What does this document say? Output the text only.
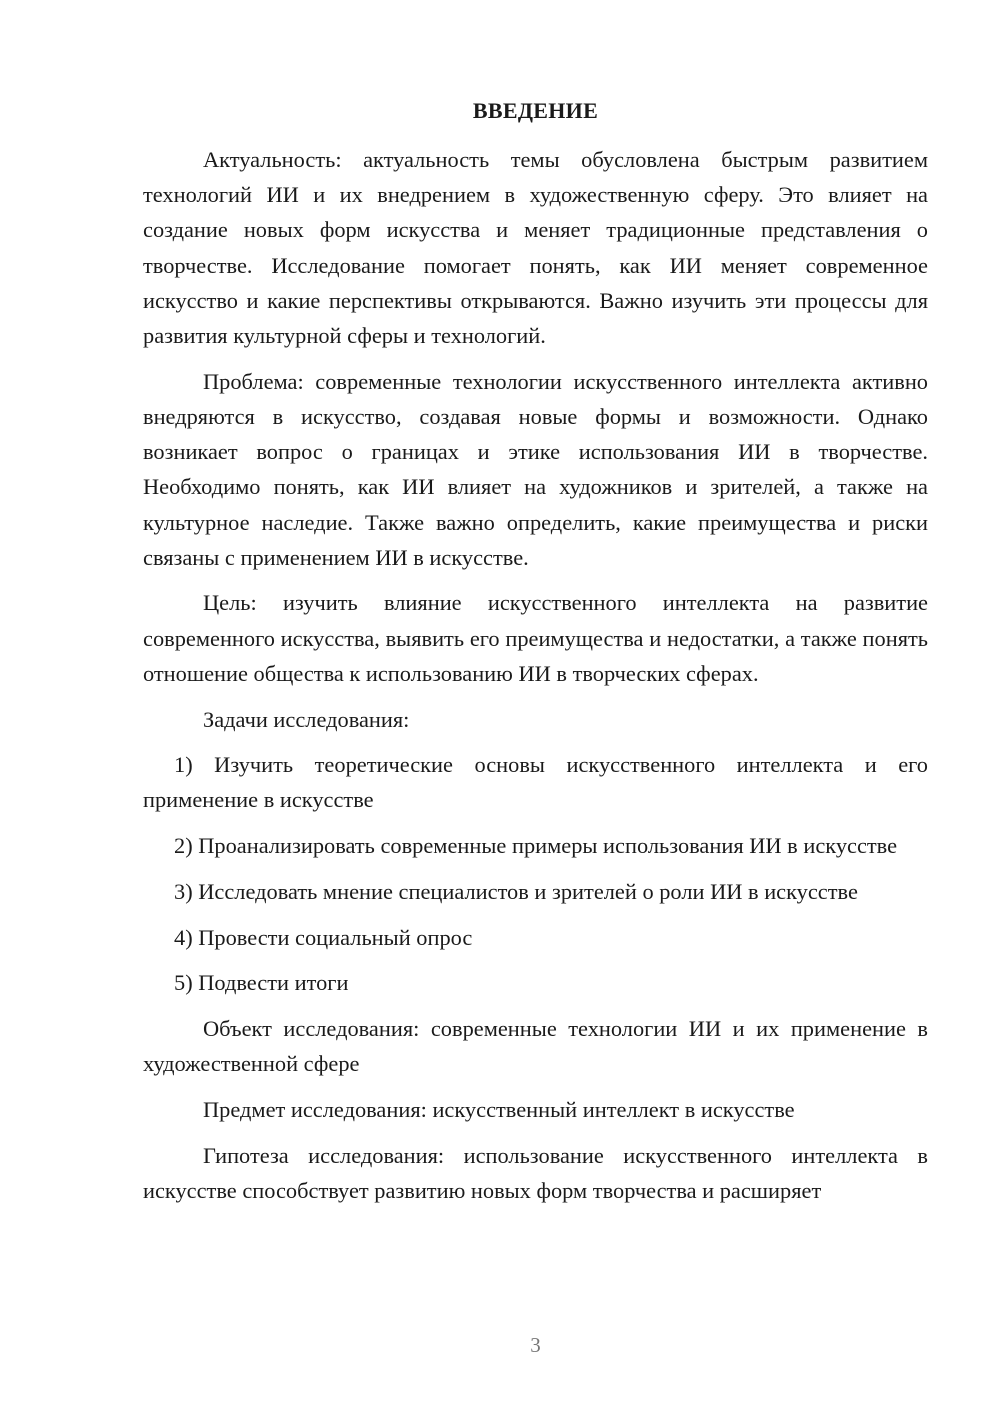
ВВЕДЕНИЕ

Актуальность: актуальность темы обусловлена быстрым развитием технологий ИИ и их внедрением в художественную сферу. Это влияет на создание новых форм искусства и меняет традиционные представления о творчестве. Исследование помогает понять, как ИИ меняет современное искусство и какие перспективы открываются. Важно изучить эти процессы для развития культурной сферы и технологий.

Проблема: современные технологии искусственного интеллекта активно внедряются в искусство, создавая новые формы и возможности. Однако возникает вопрос о границах и этике использования ИИ в творчестве. Необходимо понять, как ИИ влияет на художников и зрителей, а также на культурное наследие. Также важно определить, какие преимущества и риски связаны с применением ИИ в искусстве.

Цель: изучить влияние искусственного интеллекта на развитие современного искусства, выявить его преимущества и недостатки, а также понять отношение общества к использованию ИИ в творческих сферах.

Задачи исследования:

1) Изучить теоретические основы искусственного интеллекта и его применение в искусстве

2) Проанализировать современные примеры использования ИИ в искусстве

3) Исследовать мнение специалистов и зрителей о роли ИИ в искусстве

4) Провести социальный опрос

5) Подвести итоги

Объект исследования: современные технологии ИИ и их применение в художественной сфере

Предмет исследования: искусственный интеллект в искусстве

Гипотеза исследования: использование искусственного интеллекта в искусстве способствует развитию новых форм творчества и расширяет

3
